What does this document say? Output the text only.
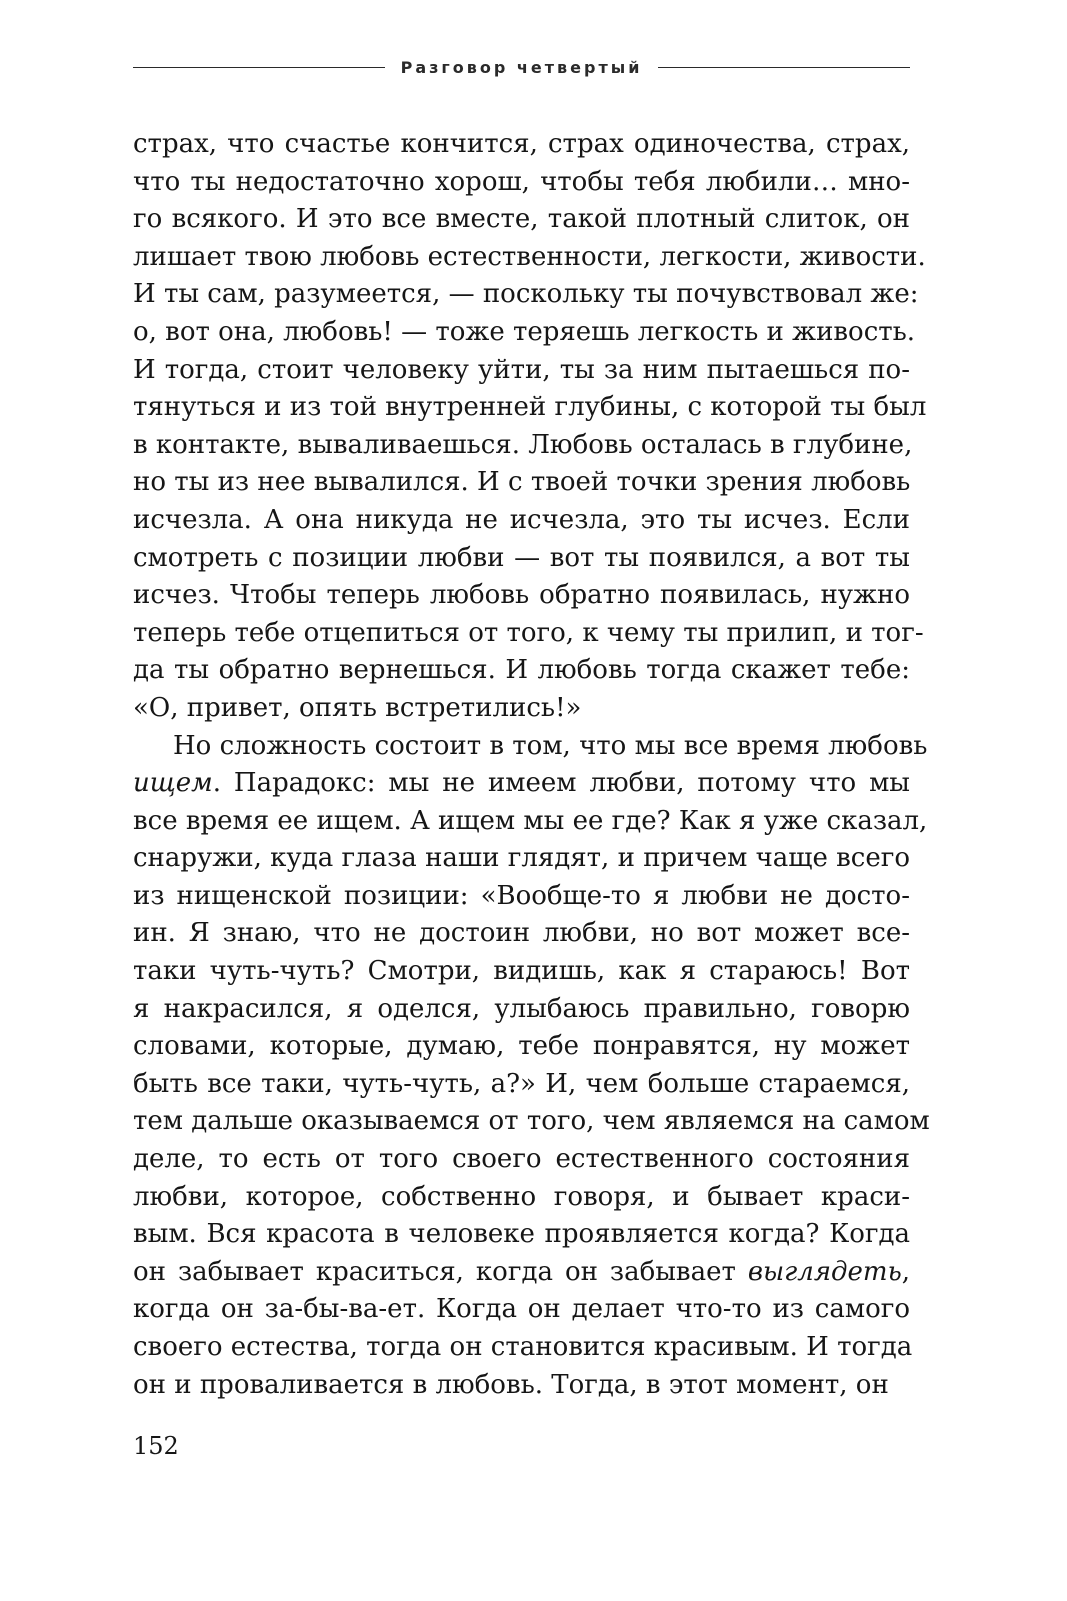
Разговор четвертый
страх, что счастье кончится, страх одиночества, страх,
что ты недостаточно хорош, чтобы тебя любили… мно-
го всякого. И это все вместе, такой плотный слиток, он
лишает твою любовь естественности, легкости, живости.
И ты сам, разумеется, — поскольку ты почувствовал же:
о, вот она, любовь! — тоже теряешь легкость и живость.
И тогда, стоит человеку уйти, ты за ним пытаешься по-
тянуться и из той внутренней глубины, с которой ты был
в контакте, вываливаешься. Любовь осталась в глубине,
но ты из нее вывалился. И с твоей точки зрения любовь
исчезла. А она никуда не исчезла, это ты исчез. Если
смотреть с позиции любви — вот ты появился, а вот ты
исчез. Чтобы теперь любовь обратно появилась, нужно
теперь тебе отцепиться от того, к чему ты прилип, и тог-
да ты обратно вернешься. И любовь тогда скажет тебе:
«О, привет, опять встретились!»
Но сложность состоит в том, что мы все время любовь
ищем. Парадокс: мы не имеем любви, потому что мы
все время ее ищем. А ищем мы ее где? Как я уже сказал,
снаружи, куда глаза наши глядят, и причем чаще всего
из нищенской позиции: «Вообще-то я любви не досто-
ин. Я знаю, что не достоин любви, но вот может все-
таки чуть-чуть? Смотри, видишь, как я стараюсь! Вот
я накрасился, я оделся, улыбаюсь правильно, говорю
словами, которые, думаю, тебе понравятся, ну может
быть все таки, чуть-чуть, а?» И, чем больше стараемся,
тем дальше оказываемся от того, чем являемся на самом
деле, то есть от того своего естественного состояния
любви, которое, собственно говоря, и бывает краси-
вым. Вся красота в человеке проявляется когда? Когда
он забывает краситься, когда он забывает выглядеть,
когда он за-бы-ва-ет. Когда он делает что-то из самого
своего естества, тогда он становится красивым. И тогда
он и проваливается в любовь. Тогда, в этот момент, он
152
